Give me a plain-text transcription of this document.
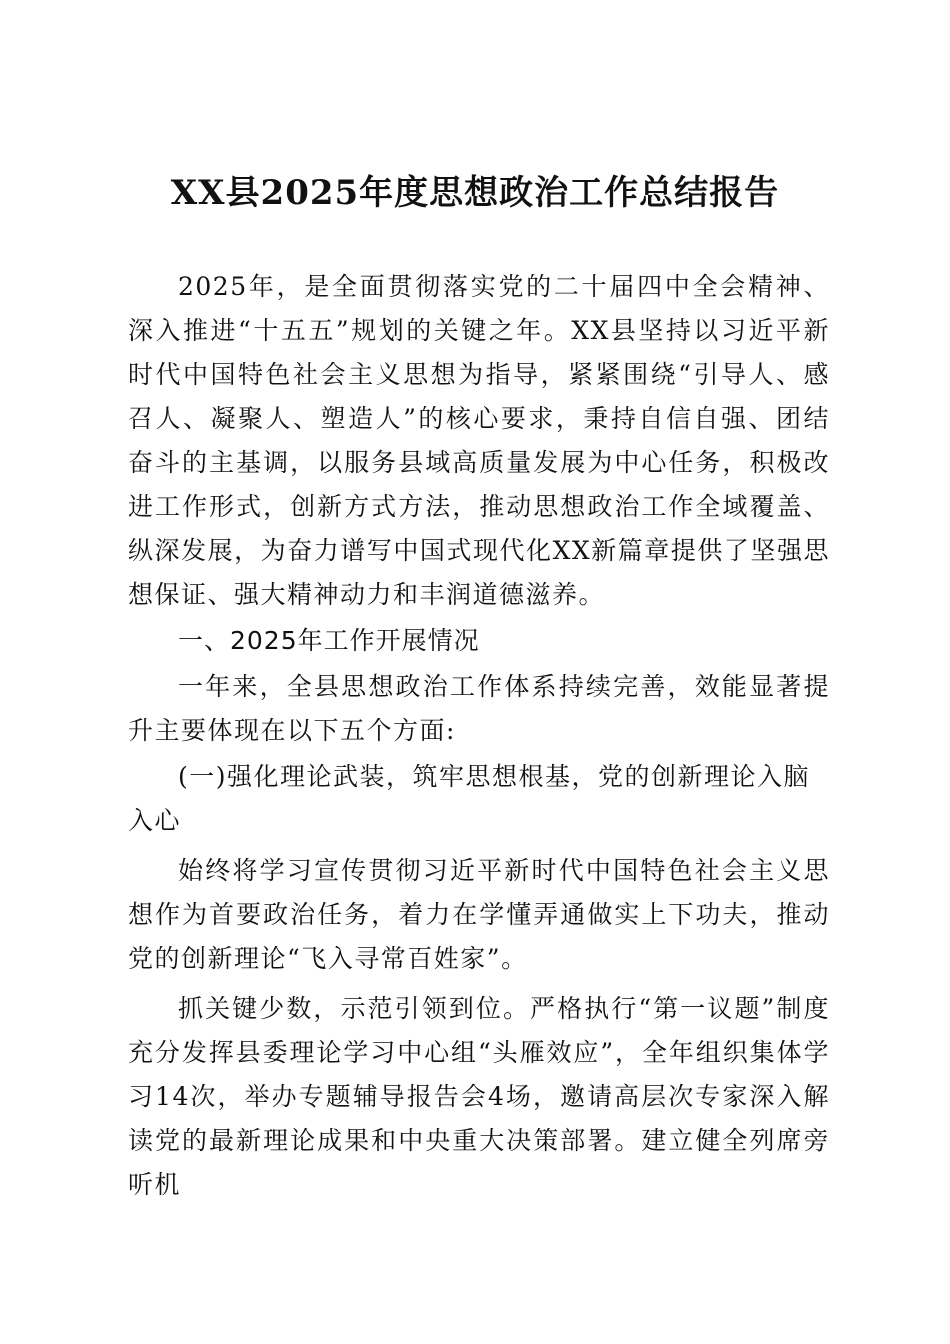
XX县2025年度思想政治工作总结报告

2025年，是全面贯彻落实党的二十届四中全会精神、深入推进“十五五”规划的关键之年。XX县坚持以习近平新时代中国特色社会主义思想为指导，紧紧围绕“引导人、感召人、凝聚人、塑造人”的核心要求，秉持自信自强、团结奋斗的主基调，以服务县域高质量发展为中心任务，积极改进工作形式，创新方式方法，推动思想政治工作全域覆盖、纵深发展，为奋力谱写中国式现代化XX新篇章提供了坚强思想保证、强大精神动力和丰润道德滋养。

一、2025年工作开展情况

一年来，全县思想政治工作体系持续完善，效能显著提升主要体现在以下五个方面:

(一)强化理论武装，筑牢思想根基，党的创新理论入脑入心

始终将学习宣传贯彻习近平新时代中国特色社会主义思想作为首要政治任务，着力在学懂弄通做实上下功夫，推动党的创新理论“飞入寻常百姓家”。

抓关键少数，示范引领到位。严格执行“第一议题”制度充分发挥县委理论学习中心组“头雁效应”，全年组织集体学习14次，举办专题辅导报告会4场，邀请高层次专家深入解读党的最新理论成果和中央重大决策部署。建立健全列席旁听机
